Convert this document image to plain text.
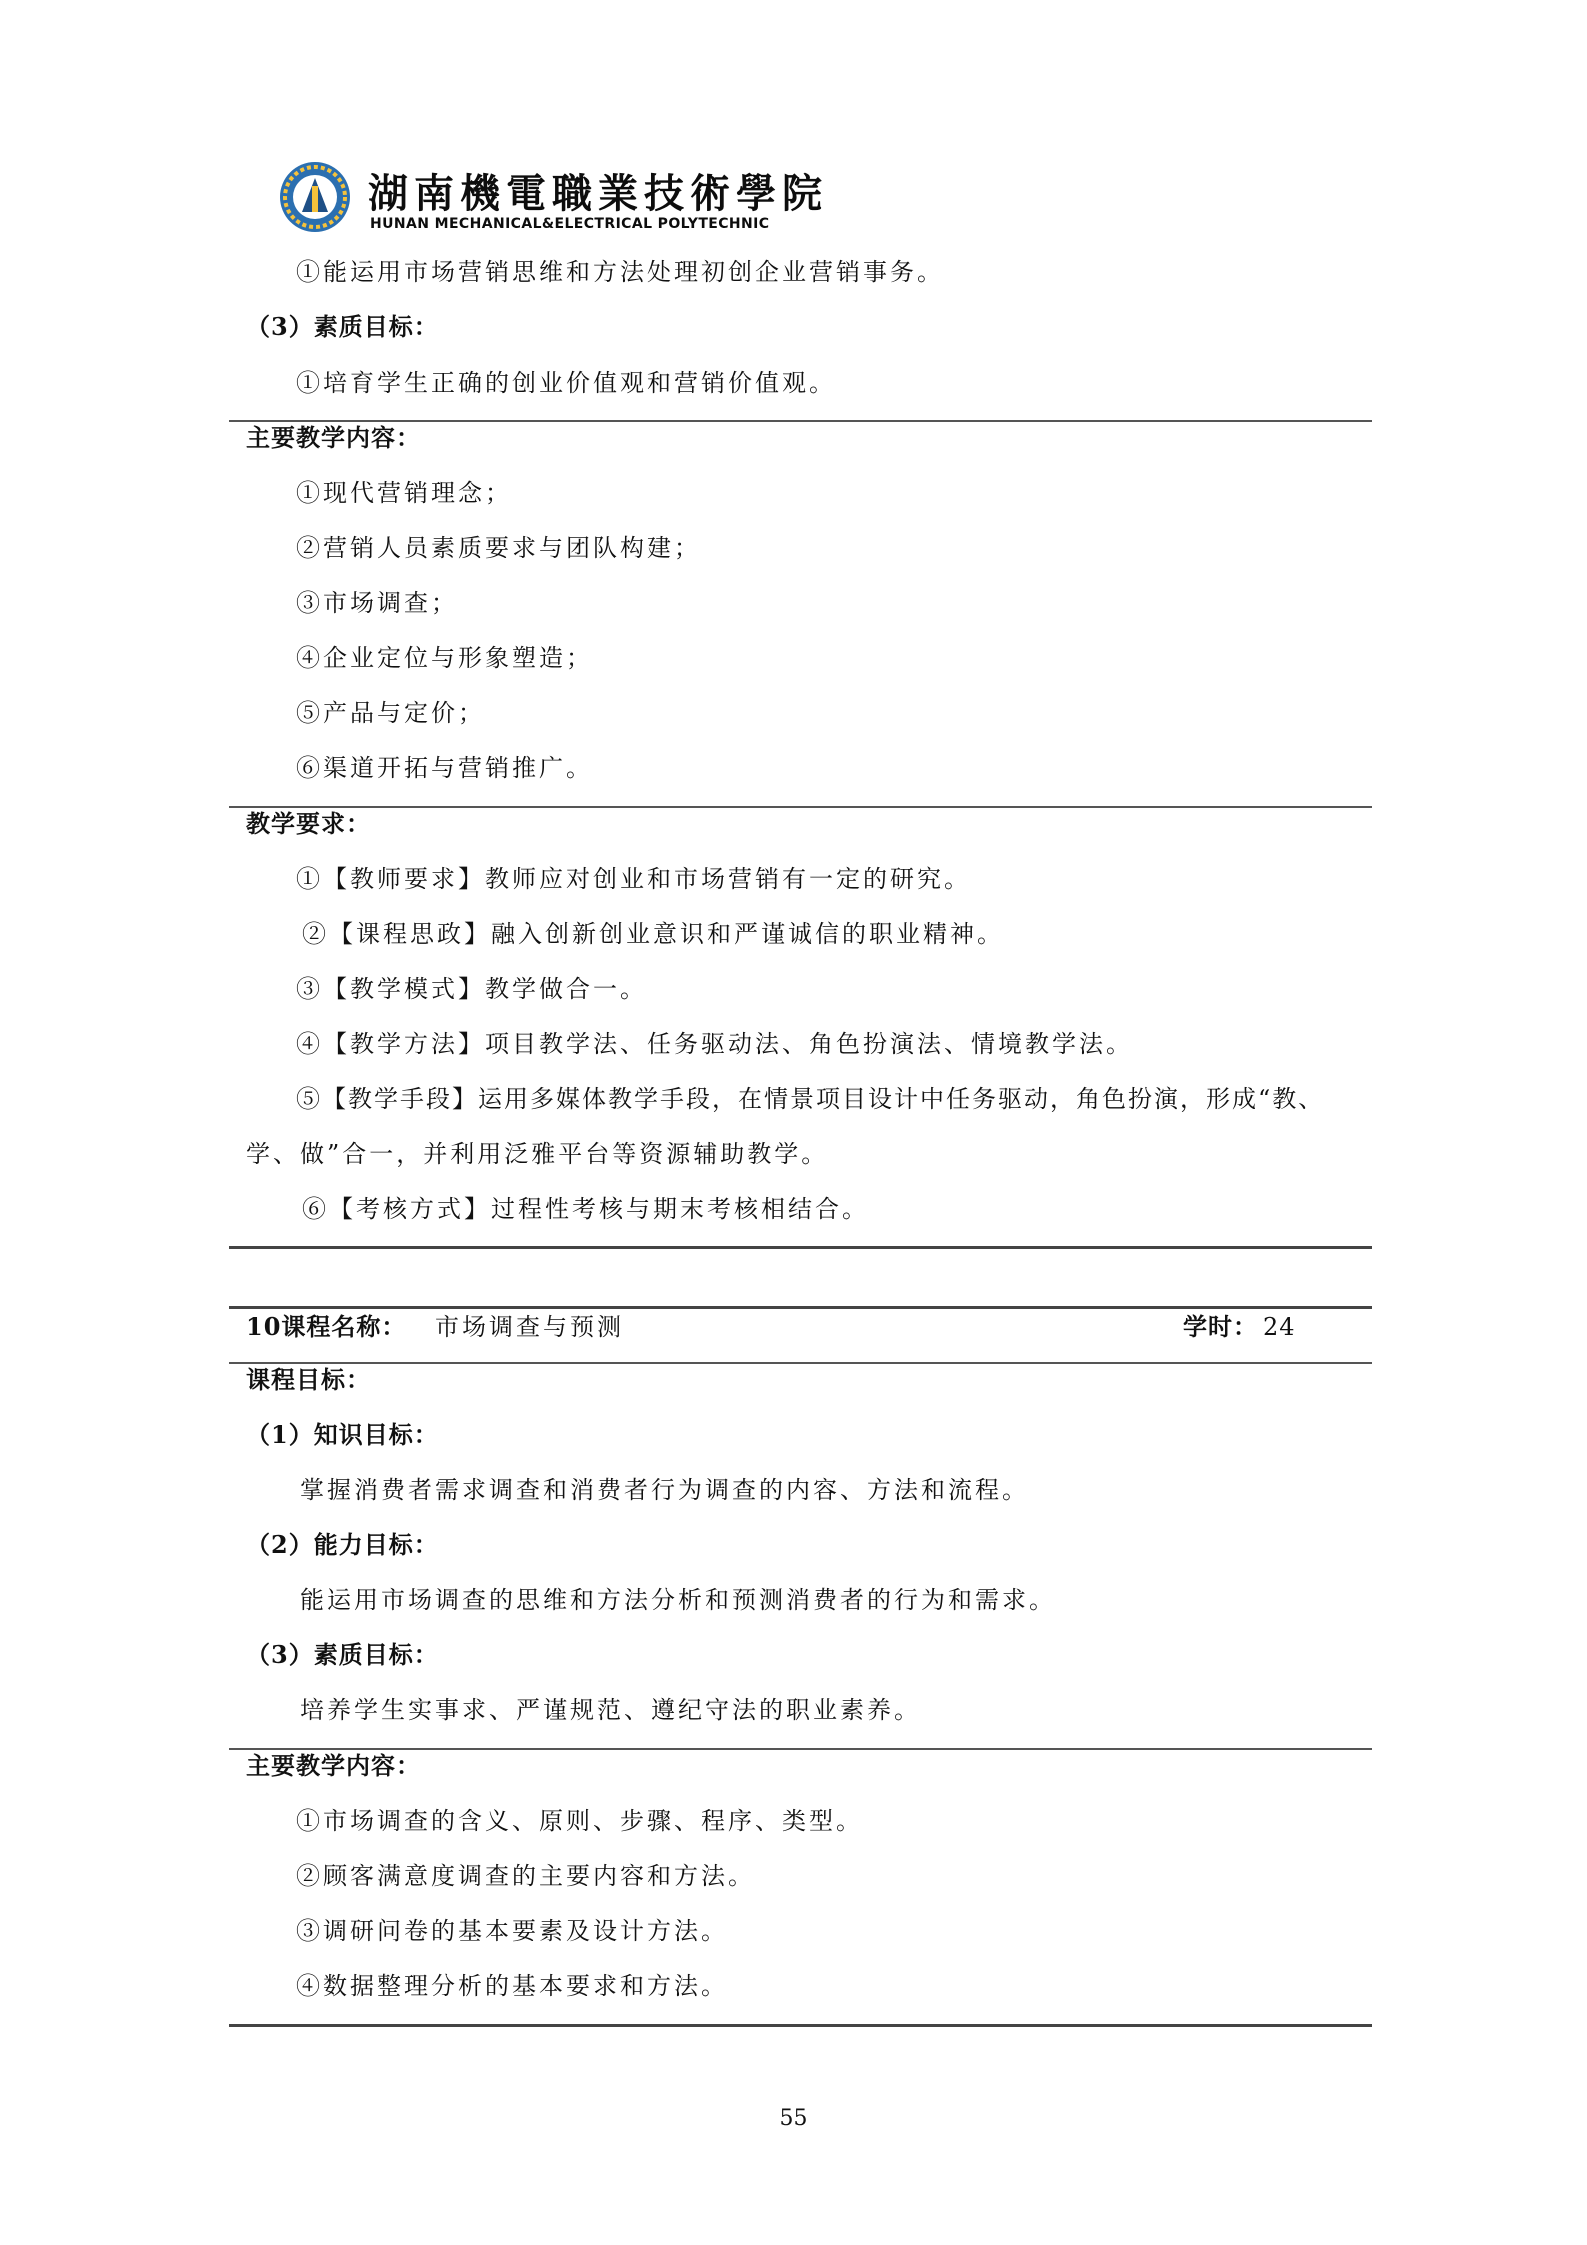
湖南機電職業技術學院
HUNAN MECHANICAL&ELECTRICAL POLYTECHNIC
①能运用市场营销思维和方法处理初创企业营销事务。
（3）素质目标：
①培育学生正确的创业价值观和营销价值观。
主要教学内容：
①现代营销理念；
②营销人员素质要求与团队构建；
③市场调查；
④企业定位与形象塑造；
⑤产品与定价；
⑥渠道开拓与营销推广。
教学要求：
①【教师要求】教师应对创业和市场营销有一定的研究。
②【课程思政】融入创新创业意识和严谨诚信的职业精神。
③【教学模式】教学做合一。
④【教学方法】项目教学法、任务驱动法、角色扮演法、情境教学法。
⑤【教学手段】运用多媒体教学手段，在情景项目设计中任务驱动，角色扮演，形成“教、
学、做”合一，并利用泛雅平台等资源辅助教学。
⑥【考核方式】过程性考核与期末考核相结合。
10课程名称： 市场调查与预测	学时： 24
课程目标：
（1）知识目标：
掌握消费者需求调查和消费者行为调查的内容、方法和流程。
（2）能力目标：
能运用市场调查的思维和方法分析和预测消费者的行为和需求。
（3）素质目标：
培养学生实事求、严谨规范、遵纪守法的职业素养。
主要教学内容：
①市场调查的含义、原则、步骤、程序、类型。
②顾客满意度调查的主要内容和方法。
③调研问卷的基本要素及设计方法。
④数据整理分析的基本要求和方法。
55
